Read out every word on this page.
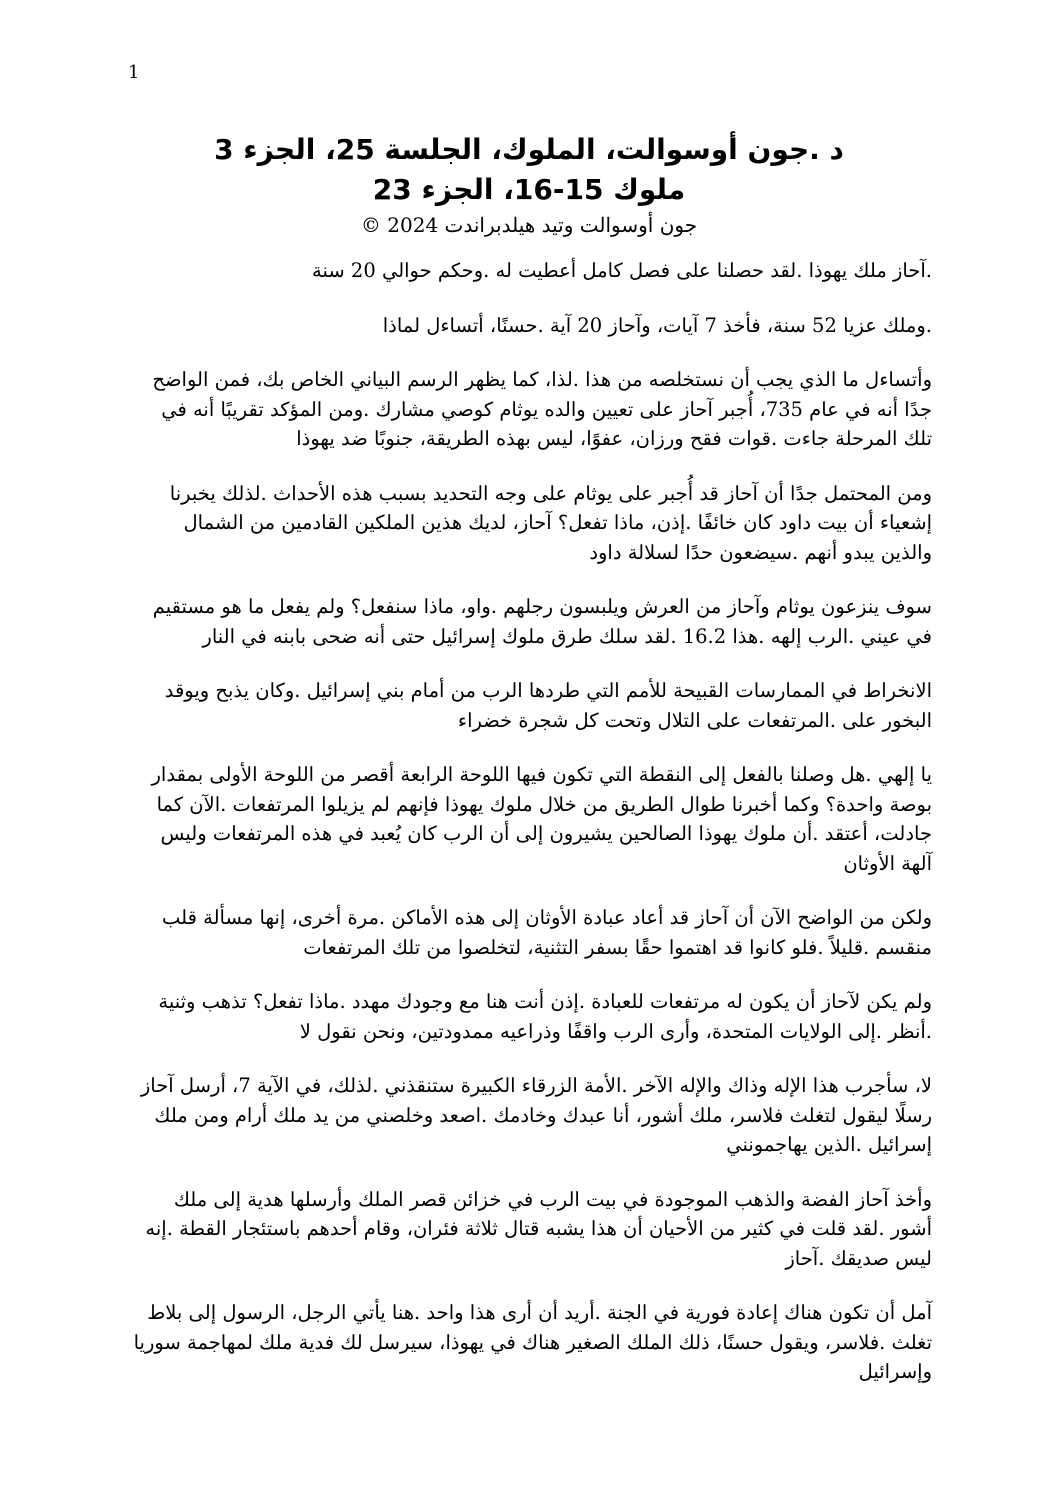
1

د .جون أوسوالت، الملوك، الجلسة 25، الجزء 3

ملوك 15-16، الجزء 23

جون أوسوالت وتيد هيلدبراندت 2024 ©

.آحاز ملك يهوذا .لقد حصلنا على فصل كامل أعطيت له .وحكم حوالي 20 سنة

.وملك عزيا 52 سنة، فأخذ 7 آيات، وآحاز 20 آية .حسنًا، أتساءل لماذا

وأتساءل ما الذي يجب أن نستخلصه من هذا .لذا، كما يظهر الرسم البياني الخاص بك، فمن الواضح جدًا أنه في عام 735، أُجبر آحاز على تعيين والده يوثام كوصي مشارك .ومن المؤكد تقريبًا أنه في تلك المرحلة جاءت .قوات فقح ورزان، عفوًا، ليس بهذه الطريقة، جنوبًا ضد يهوذا

ومن المحتمل جدًا أن آحاز قد أُجبر على يوثام على وجه التحديد بسبب هذه الأحداث .لذلك يخبرنا إشعياء أن بيت داود كان خائفًا .إذن، ماذا تفعل؟ آحاز، لديك هذين الملكين القادمين من الشمال والذين يبدو أنهم .سيضعون حدًا لسلالة داود

سوف ينزعون يوثام وآحاز من العرش ويلبسون رجلهم .واو، ماذا سنفعل؟ ولم يفعل ما هو مستقيم في عيني .الرب إلهه .هذا 16.2 .لقد سلك طرق ملوك إسرائيل حتى أنه ضحى بابنه في النار

الانخراط في الممارسات القبيحة للأمم التي طردها الرب من أمام بني إسرائيل .وكان يذبح ويوقد البخور على .المرتفعات على التلال وتحت كل شجرة خضراء

يا إلهي .هل وصلنا بالفعل إلى النقطة التي تكون فيها اللوحة الرابعة أقصر من اللوحة الأولى بمقدار بوصة واحدة؟ وكما أخبرنا طوال الطريق من خلال ملوك يهوذا فإنهم لم يزيلوا المرتفعات .الآن كما جادلت، أعتقد .أن ملوك يهوذا الصالحين يشيرون إلى أن الرب كان يُعبد في هذه المرتفعات وليس آلهة الأوثان

ولكن من الواضح الآن أن آحاز قد أعاد عبادة الأوثان إلى هذه الأماكن .مرة أخرى، إنها مسألة قلب منقسم .قليلاً .فلو كانوا قد اهتموا حقًا بسفر التثنية، لتخلصوا من تلك المرتفعات

ولم يكن لآحاز أن يكون له مرتفعات للعبادة .إذن أنت هنا مع وجودك مهدد .ماذا تفعل؟ تذهب وثنية .أنظر .إلى الولايات المتحدة، وأرى الرب واقفًا وذراعيه ممدودتين، ونحن نقول لا

لا، سأجرب هذا الإله وذاك والإله الآخر .الأمة الزرقاء الكبيرة ستنقذني .لذلك، في الآية 7، أرسل آحاز رسلًا ليقول لتغلث فلاسر، ملك أشور، أنا عبدك وخادمك .اصعد وخلصني من يد ملك أرام ومن ملك إسرائيل .الذين يهاجمونني

وأخذ آحاز الفضة والذهب الموجودة في بيت الرب في خزائن قصر الملك وأرسلها هدية إلى ملك أشور .لقد قلت في كثير من الأحيان أن هذا يشبه قتال ثلاثة فئران، وقام أحدهم باستئجار القطة .إنه ليس صديقك .آحاز

آمل أن تكون هناك إعادة فورية في الجنة .أريد أن أرى هذا واحد .هنا يأتي الرجل، الرسول إلى بلاط تغلث .فلاسر، ويقول حسنًا، ذلك الملك الصغير هناك في يهوذا، سيرسل لك فدية ملك لمهاجمة سوريا وإسرائيل
